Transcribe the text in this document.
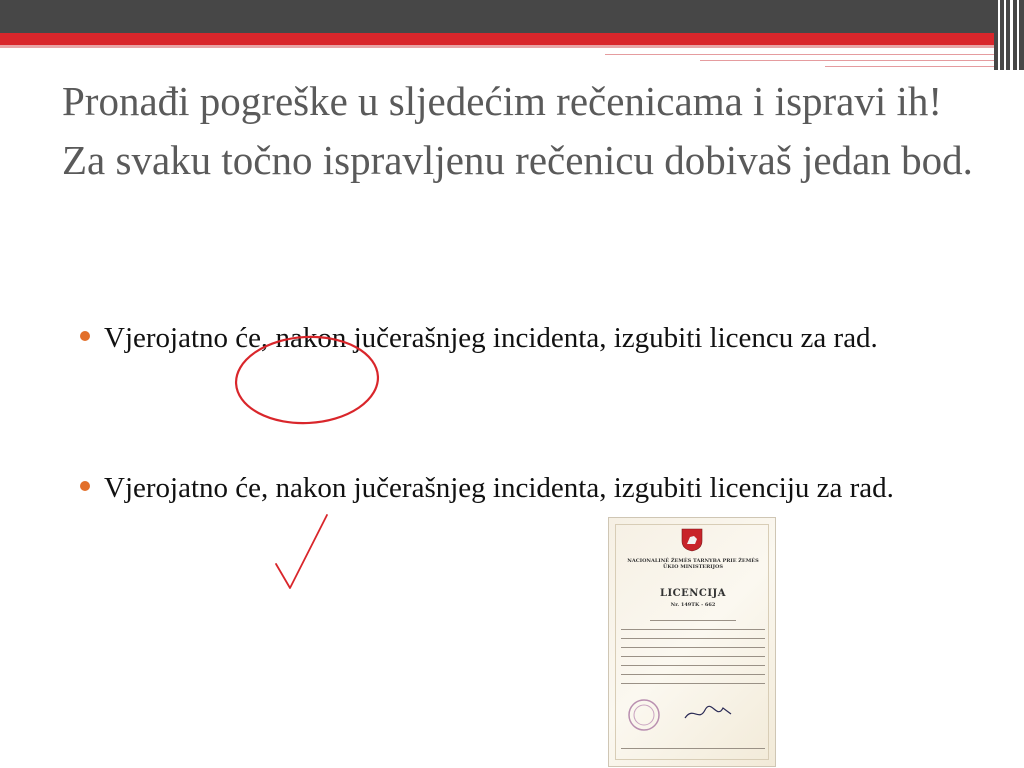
Pronađi pogreške u sljedećim rečenicama i ispravi ih! Za svaku točno ispravljenu rečenicu dobivaš jedan bod.
Vjerojatno će, nakon jučerašnjeg incidenta, izgubiti licencu za rad.
Vjerojatno će, nakon jučerašnjeg incidenta, izgubiti licenciju za rad.
NACIONALINĖ ŽEMĖS TARNYBA PRIE ŽEMĖS ŪKIO MINISTERIJOS
LICENCIJA
Nr. 149TK - 662
